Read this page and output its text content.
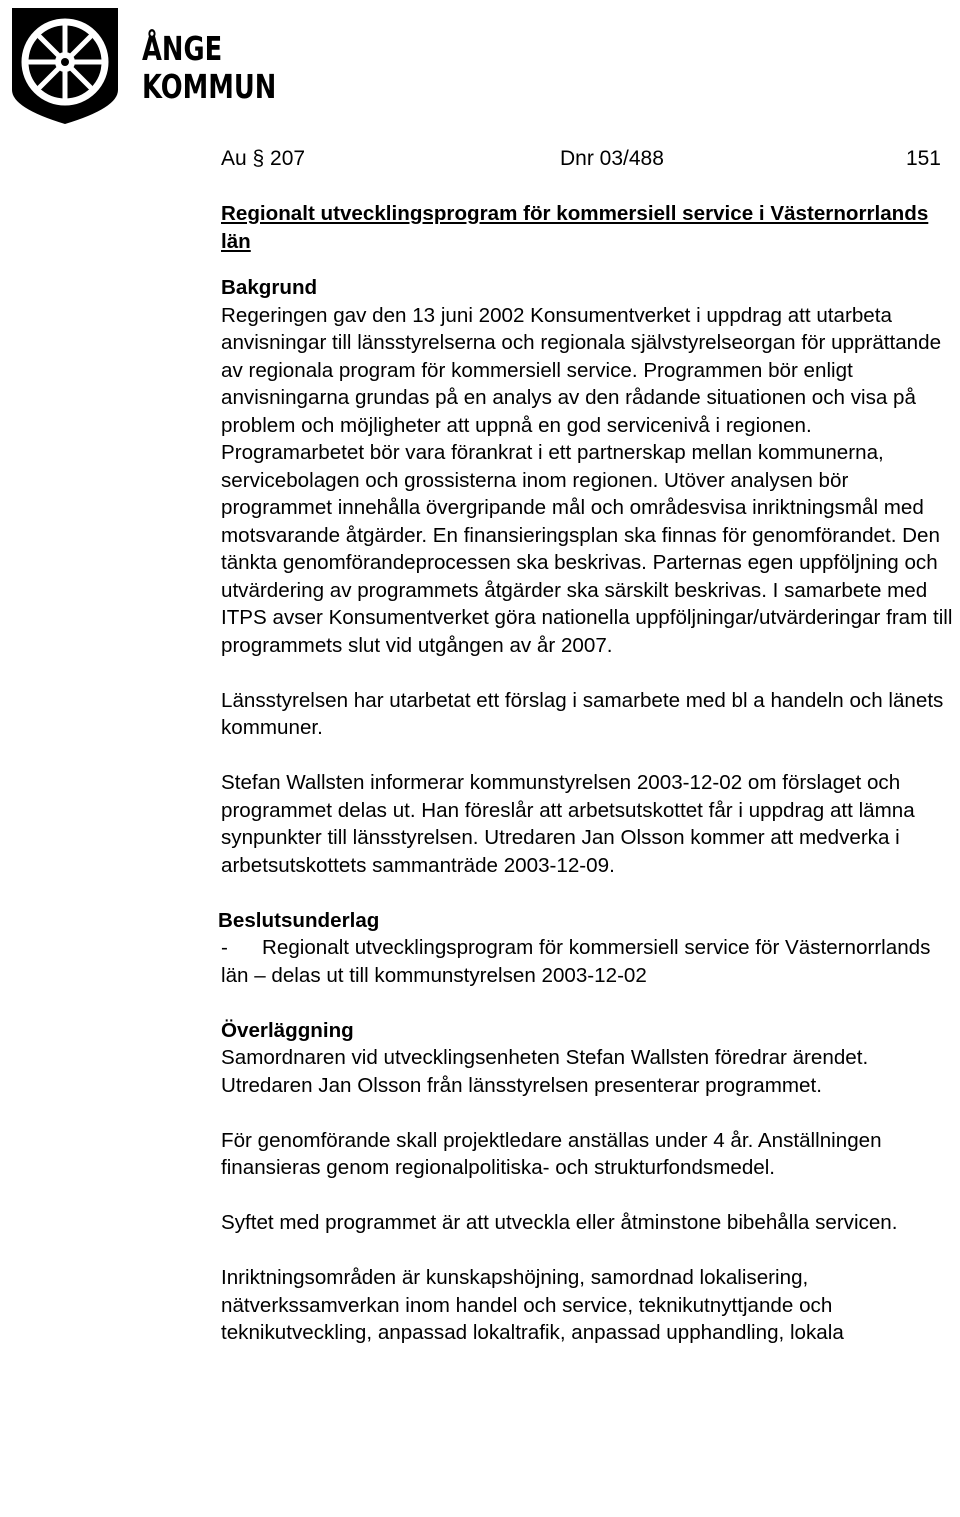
ÅNGE
KOMMUN
Au § 207	Dnr 03/488	151

Regionalt utvecklingsprogram för kommersiell service i Västernorrlands län

Bakgrund

Regeringen gav den 13 juni 2002 Konsumentverket i uppdrag att utarbeta anvisningar till länsstyrelserna och regionala självstyrelseorgan för upprättande av regionala program för kommersiell service. Programmen bör enligt anvisningarna grundas på en analys av den rådande situationen och visa på problem och möjligheter att uppnå en god servicenivå i regionen. Programarbetet bör vara förankrat i ett partnerskap mellan kommunerna, servicebolagen och grossisterna inom regionen. Utöver analysen bör programmet innehålla övergripande mål och områdesvisa inriktningsmål med motsvarande åtgärder. En finansieringsplan ska finnas för genomförandet. Den tänkta genomförandeprocessen ska beskrivas. Parternas egen uppföljning och utvärdering av programmets åtgärder ska särskilt beskrivas. I samarbete med ITPS avser Konsumentverket göra nationella uppföljningar/utvärderingar fram till programmets slut vid utgången av år 2007.

Länsstyrelsen har utarbetat ett förslag i samarbete med bl a handeln och länets kommuner.

Stefan Wallsten informerar kommunstyrelsen 2003-12-02 om förslaget och programmet delas ut. Han föreslår att arbetsutskottet får i uppdrag att lämna synpunkter till länsstyrelsen. Utredaren Jan Olsson kommer att medverka i arbetsutskottets sammanträde 2003-12-09.

Beslutsunderlag

- Regionalt utvecklingsprogram för kommersiell service för Västernorrlands län – delas ut till kommunstyrelsen 2003-12-02

Överläggning

Samordnaren vid utvecklingsenheten Stefan Wallsten föredrar ärendet. Utredaren Jan Olsson från länsstyrelsen presenterar programmet.

För genomförande skall projektledare anställas under 4 år. Anställningen finansieras genom regionalpolitiska- och strukturfondsmedel.

Syftet med programmet är att utveckla eller åtminstone bibehålla servicen.

Inriktningsområden är kunskapshöjning, samordnad lokalisering, nätverkssamverkan inom handel och service, teknikutnyttjande och teknikutveckling, anpassad lokaltrafik, anpassad upphandling, lokala
